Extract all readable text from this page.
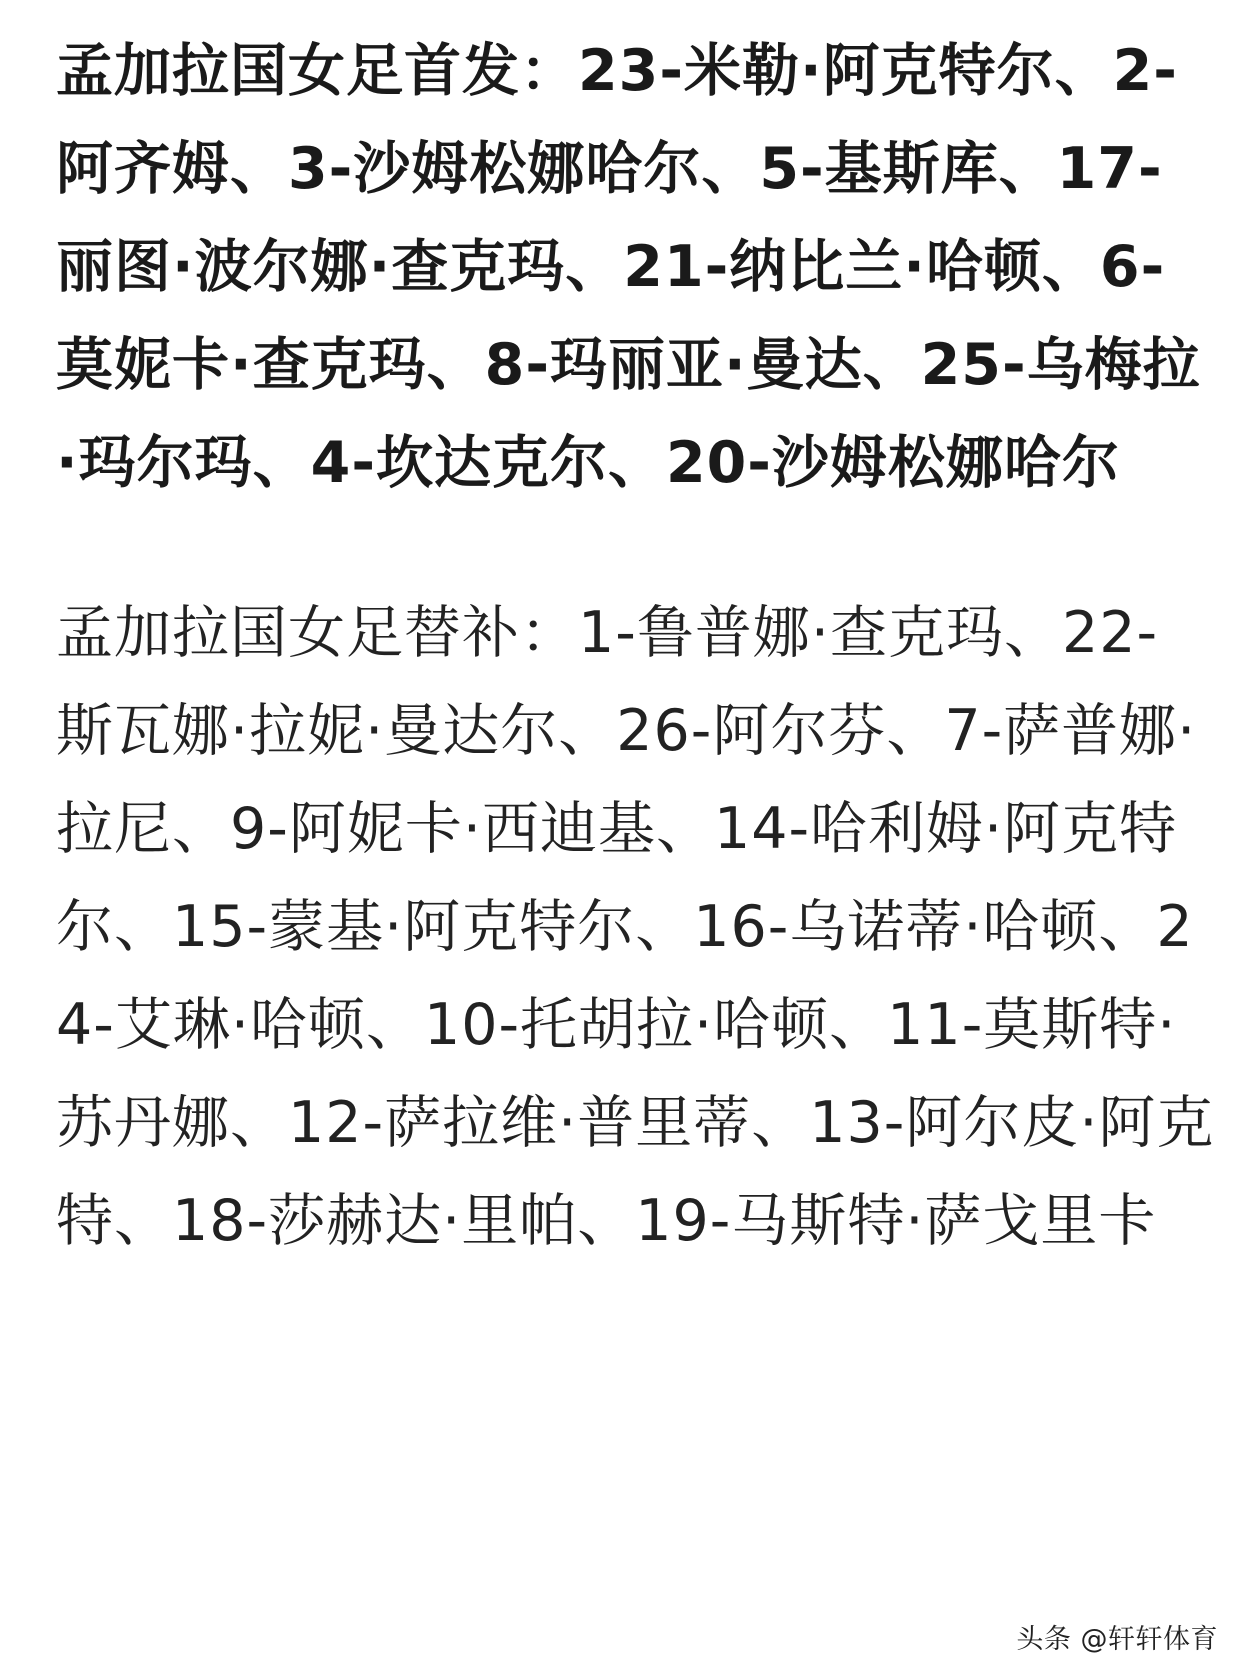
孟加拉国女足首发：23-米勒·阿克特尔、2-阿齐姆、3-沙姆松娜哈尔、5-基斯库、17-丽图·波尔娜·查克玛、21-纳比兰·哈顿、6-莫妮卡·查克玛、8-玛丽亚·曼达、25-乌梅拉·玛尔玛、4-坎达克尔、20-沙姆松娜哈尔

孟加拉国女足替补：1-鲁普娜·查克玛、22-斯瓦娜·拉妮·曼达尔、26-阿尔芬、7-萨普娜·拉尼、9-阿妮卡·西迪基、14-哈利姆·阿克特尔、15-蒙基·阿克特尔、16-乌诺蒂·哈顿、24-艾琳·哈顿、10-托胡拉·哈顿、11-莫斯特·苏丹娜、12-萨拉维·普里蒂、13-阿尔皮·阿克特、18-莎赫达·里帕、19-马斯特·萨戈里卡

头条 @轩轩体育
